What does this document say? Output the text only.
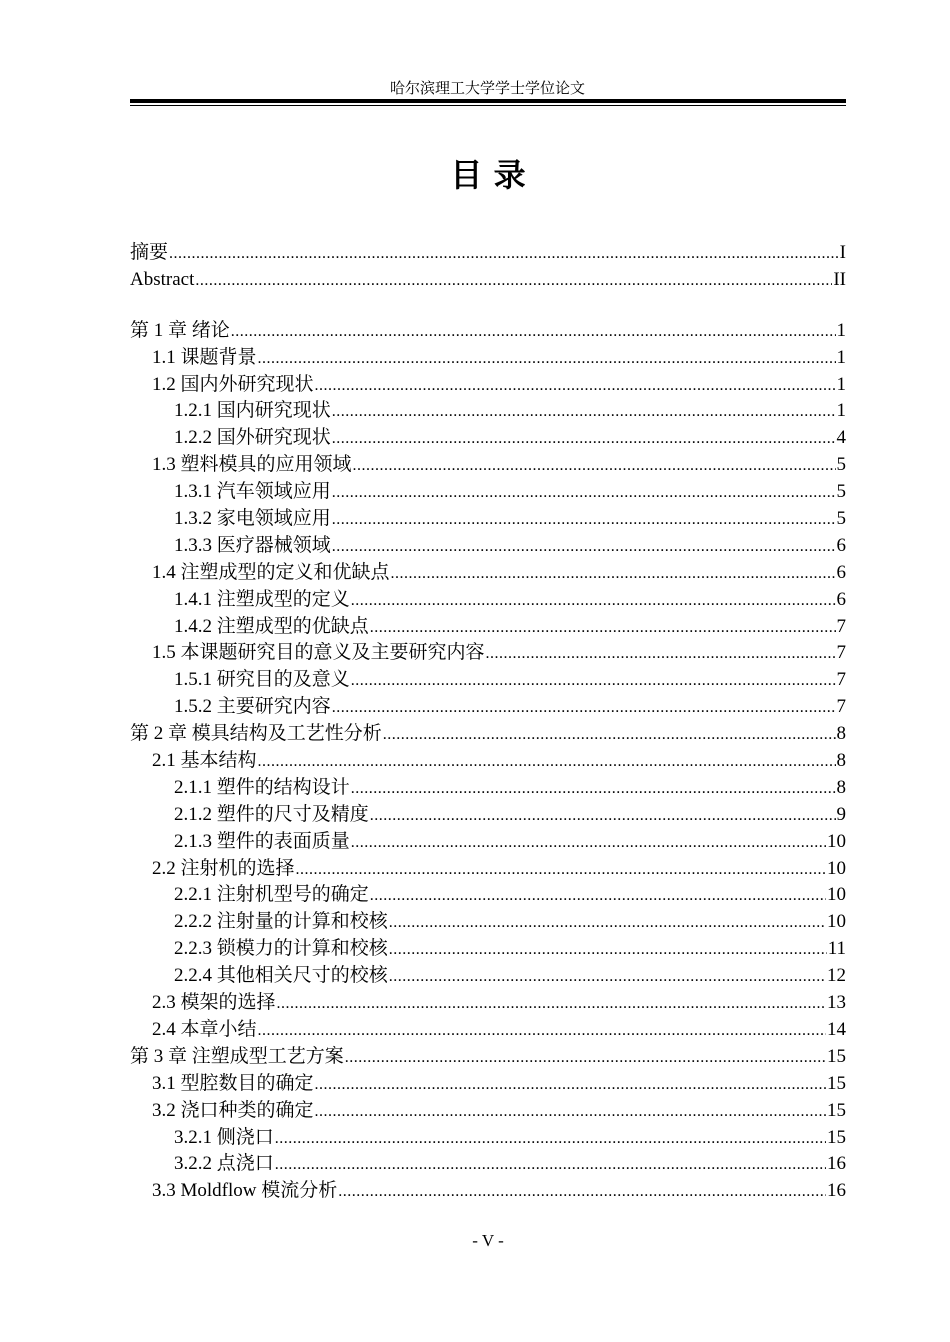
哈尔滨理工大学学士学位论文
目 录
摘要 .....	I
Abstract .....	II
第 1 章 绪论 .....	1
1.1 课题背景 .....	1
1.2 国内外研究现状 .....	1
1.2.1 国内研究现状 .....	1
1.2.2 国外研究现状 .....	4
1.3 塑料模具的应用领域 .....	5
1.3.1 汽车领域应用 .....	5
1.3.2 家电领域应用 .....	5
1.3.3 医疗器械领域 .....	6
1.4 注塑成型的定义和优缺点 .....	6
1.4.1 注塑成型的定义 .....	6
1.4.2 注塑成型的优缺点 .....	7
1.5 本课题研究目的意义及主要研究内容 .....	7
1.5.1 研究目的及意义 .....	7
1.5.2 主要研究内容 .....	7
第 2 章 模具结构及工艺性分析 .....	8
2.1 基本结构 .....	8
2.1.1 塑件的结构设计 .....	8
2.1.2 塑件的尺寸及精度 .....	9
2.1.3 塑件的表面质量 .....	10
2.2 注射机的选择 .....	10
2.2.1 注射机型号的确定 .....	10
2.2.2 注射量的计算和校核 .....	10
2.2.3 锁模力的计算和校核 .....	11
2.2.4 其他相关尺寸的校核 .....	12
2.3 模架的选择 .....	13
2.4 本章小结 .....	14
第 3 章 注塑成型工艺方案 .....	15
3.1 型腔数目的确定 .....	15
3.2 浇口种类的确定 .....	15
3.2.1 侧浇口 .....	15
3.2.2 点浇口 .....	16
3.3 Moldflow 模流分析 .....	16
- V -
